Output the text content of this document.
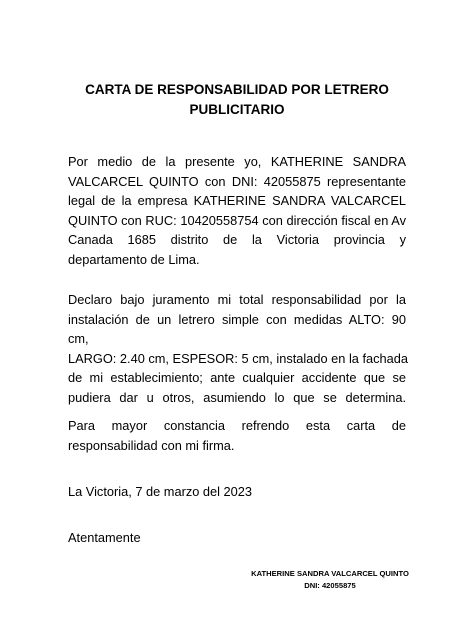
CARTA DE RESPONSABILIDAD POR LETRERO
PUBLICITARIO
Por medio de la presente yo, KATHERINE SANDRA
VALCARCEL QUINTO con DNI: 42055875 representante
legal de la empresa KATHERINE SANDRA VALCARCEL
QUINTO con RUC: 10420558754 con dirección fiscal en Av
Canada 1685 distrito de la Victoria provincia y
departamento de Lima.
Declaro bajo juramento mi total responsabilidad por la
instalación de un letrero simple con medidas ALTO: 90
cm,
LARGO: 2.40 cm, ESPESOR: 5 cm, instalado en la fachada
de mi establecimiento; ante cualquier accidente que se
pudiera dar u otros, asumiendo lo que se determina.
Para mayor constancia refrendo esta carta de
responsabilidad con mi firma.
La Victoria, 7 de marzo del 2023
Atentamente
KATHERINE SANDRA VALCARCEL QUINTO
DNI: 42055875
